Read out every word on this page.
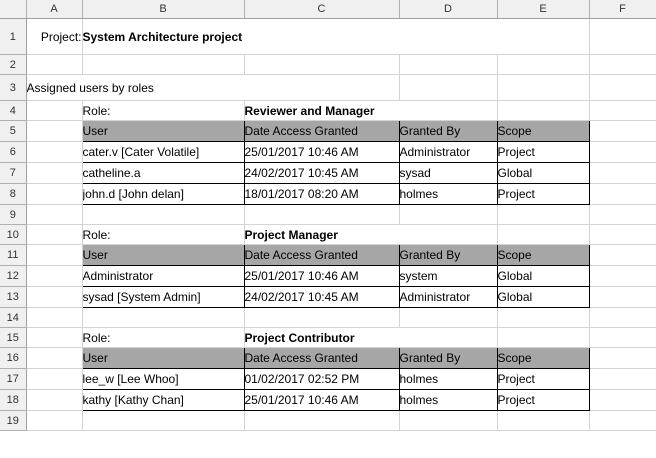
	A	B	C	D	E	F
1	Project:	System Architecture project				
2						
3	Assigned users by roles					
4		Role:	Reviewer and Manager			
5		User	Date Access Granted	Granted By	Scope	
6		cater.v [Cater Volatile]	25/01/2017 10:46 AM	Administrator	Project	
7		catheline.a	24/02/2017 10:45 AM	sysad	Global	
8		john.d [John delan]	18/01/2017 08:20 AM	holmes	Project	
9						
10		Role:	Project Manager			
11		User	Date Access Granted	Granted By	Scope	
12		Administrator	25/01/2017 10:46 AM	system	Global	
13		sysad [System Admin]	24/02/2017 10:45 AM	Administrator	Global	
14						
15		Role:	Project Contributor			
16		User	Date Access Granted	Granted By	Scope	
17		lee_w [Lee Whoo]	01/02/2017 02:52 PM	holmes	Project	
18		kathy [Kathy Chan]	25/01/2017 10:46 AM	holmes	Project	
19						
